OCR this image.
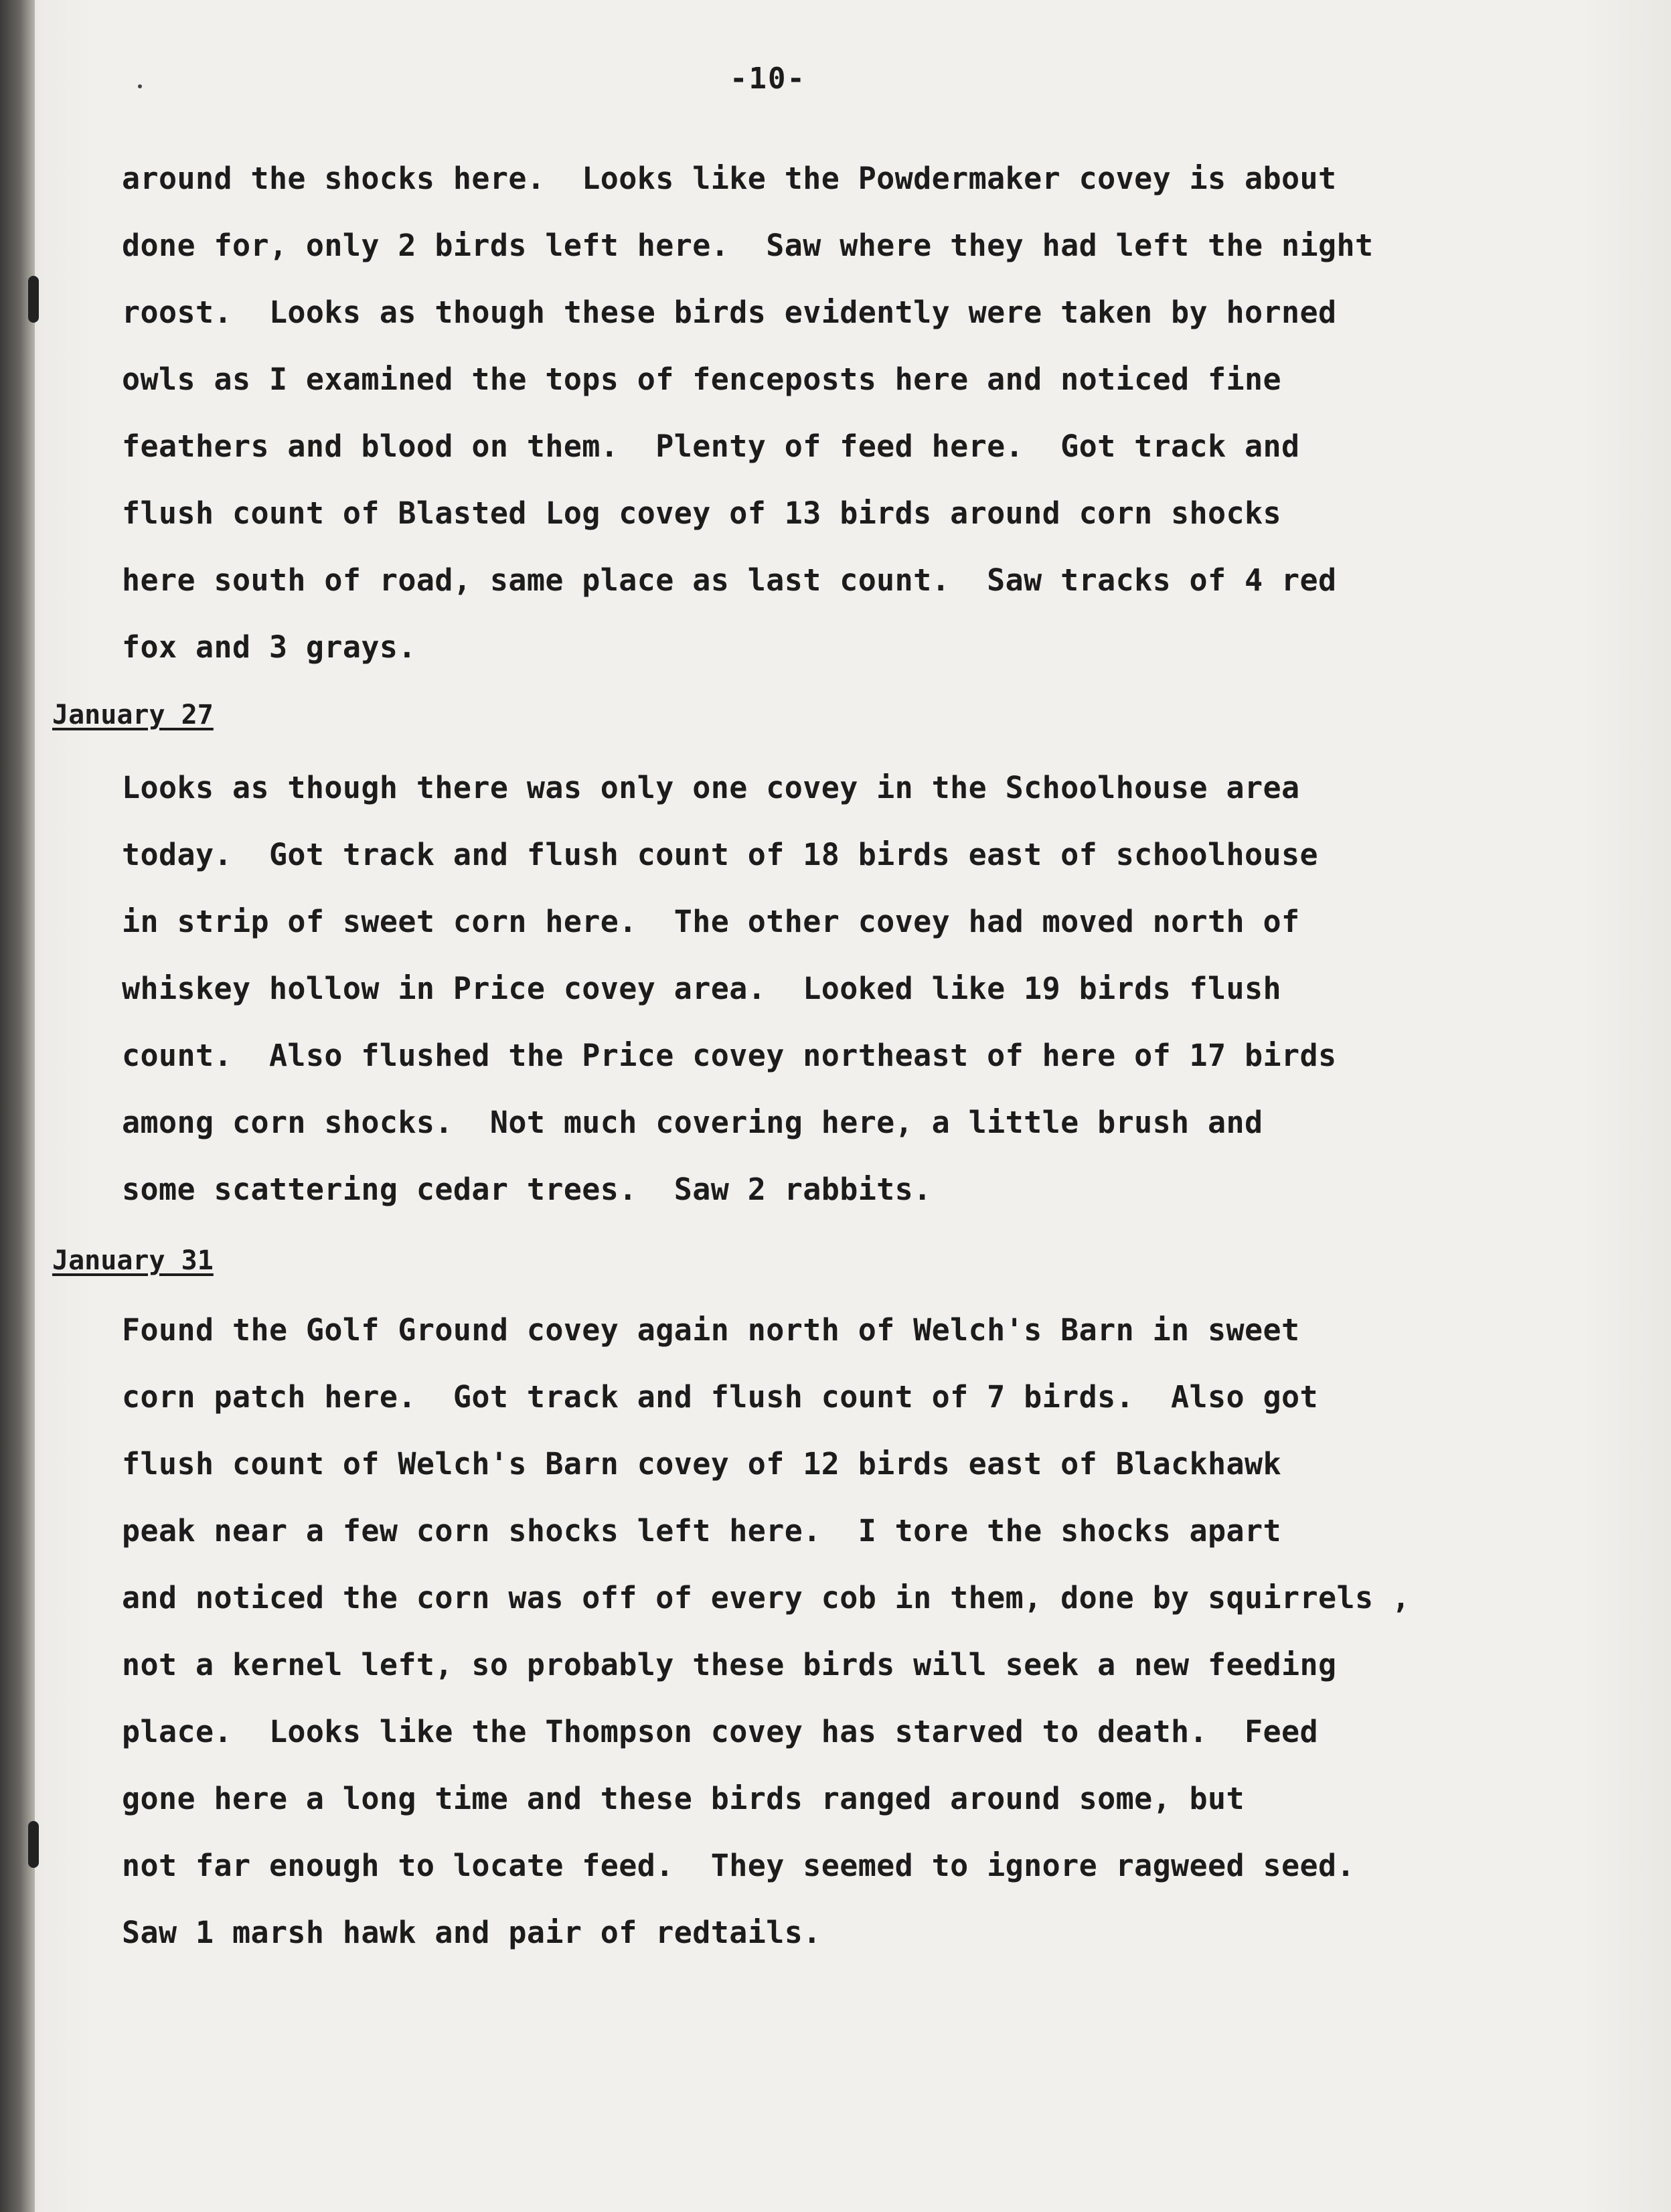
-10-
around the shocks here.  Looks like the Powdermaker covey is about
done for, only 2 birds left here.  Saw where they had left the night
roost.  Looks as though these birds evidently were taken by horned
owls as I examined the tops of fenceposts here and noticed fine
feathers and blood on them.  Plenty of feed here.  Got track and
flush count of Blasted Log covey of 13 birds around corn shocks
here south of road, same place as last count.  Saw tracks of 4 red
fox and 3 grays.
January 27
Looks as though there was only one covey in the Schoolhouse area
today.  Got track and flush count of 18 birds east of schoolhouse
in strip of sweet corn here.  The other covey had moved north of
whiskey hollow in Price covey area.  Looked like 19 birds flush
count.  Also flushed the Price covey northeast of here of 17 birds
among corn shocks.  Not much covering here, a little brush and
some scattering cedar trees.  Saw 2 rabbits.
January 31
Found the Golf Ground covey again north of Welch's Barn in sweet
corn patch here.  Got track and flush count of 7 birds.  Also got
flush count of Welch's Barn covey of 12 birds east of Blackhawk
peak near a few corn shocks left here.  I tore the shocks apart
and noticed the corn was off of every cob in them, done by squirrels ,
not a kernel left, so probably these birds will seek a new feeding
place.  Looks like the Thompson covey has starved to death.  Feed
gone here a long time and these birds ranged around some, but
not far enough to locate feed.  They seemed to ignore ragweed seed.
Saw 1 marsh hawk and pair of redtails.
